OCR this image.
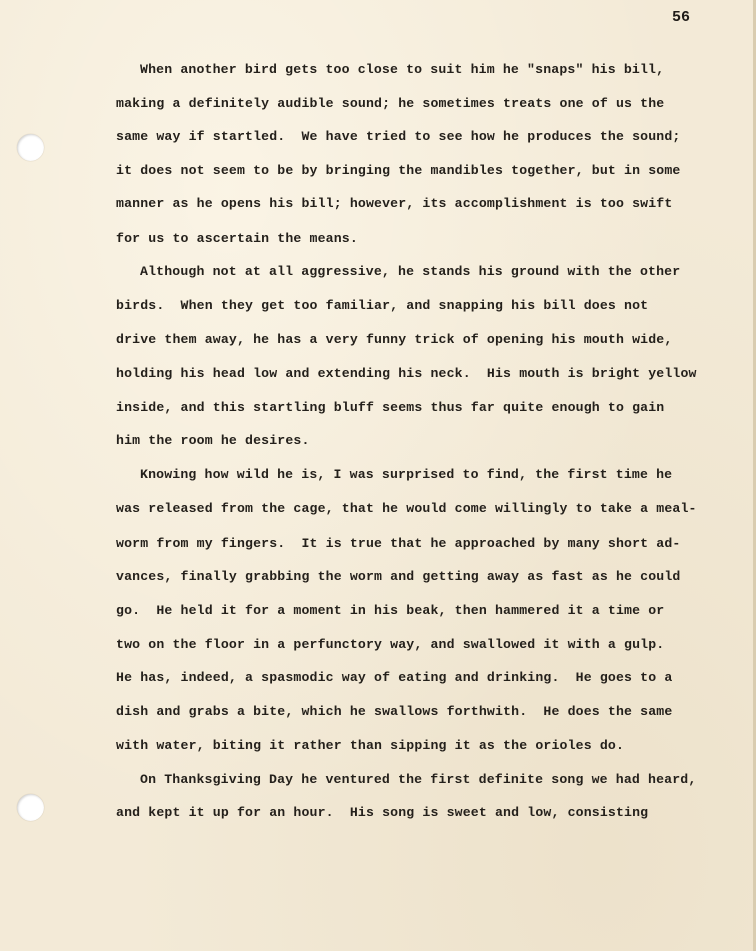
56
When another bird gets too close to suit him he "snaps" his bill,
making a definitely audible sound; he sometimes treats one of us the
same way if startled.  We have tried to see how he produces the sound;
it does not seem to be by bringing the mandibles together, but in some
manner as he opens his bill; however, its accomplishment is too swift
for us to ascertain the means.
Although not at all aggressive, he stands his ground with the other
birds.  When they get too familiar, and snapping his bill does not
drive them away, he has a very funny trick of opening his mouth wide,
holding his head low and extending his neck.  His mouth is bright yellow
inside, and this startling bluff seems thus far quite enough to gain
him the room he desires.
Knowing how wild he is, I was surprised to find, the first time he
was released from the cage, that he would come willingly to take a meal-
worm from my fingers.  It is true that he approached by many short ad-
vances, finally grabbing the worm and getting away as fast as he could
go.  He held it for a moment in his beak, then hammered it a time or
two on the floor in a perfunctory way, and swallowed it with a gulp.
He has, indeed, a spasmodic way of eating and drinking.  He goes to a
dish and grabs a bite, which he swallows forthwith.  He does the same
with water, biting it rather than sipping it as the orioles do.
On Thanksgiving Day he ventured the first definite song we had heard,
and kept it up for an hour.  His song is sweet and low, consisting
